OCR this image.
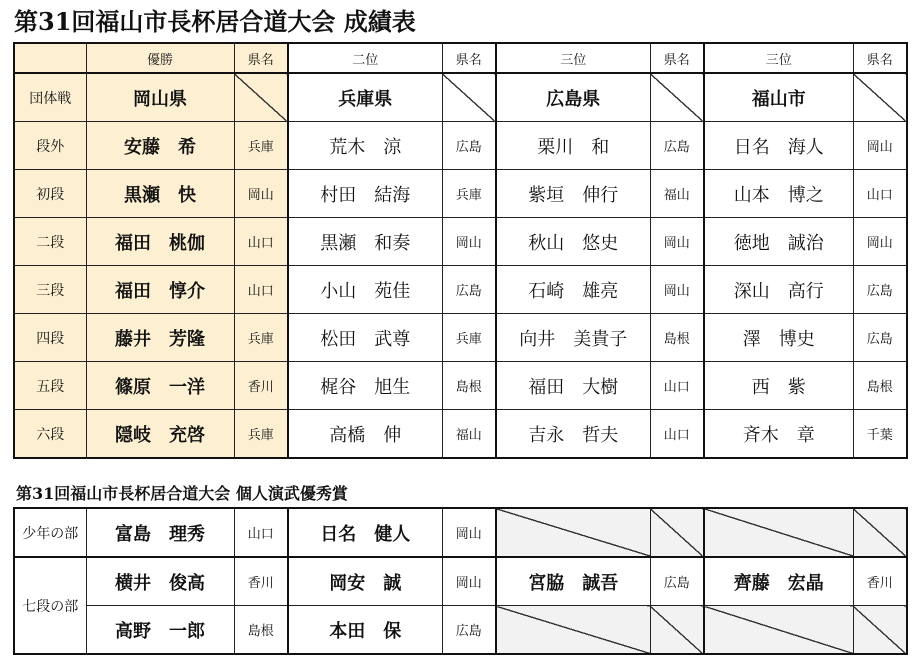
第31回福山市長杯居合道大会 成績表
	優勝	県名	二位	県名	三位	県名	三位	県名
団体戦	岡山県		兵庫県		広島県		福山市	
段外	安藤　希	兵庫	荒木　涼	広島	栗川　和	広島	日名　海人	岡山
初段	黒瀬　快	岡山	村田　結海	兵庫	紫垣　伸行	福山	山本　博之	山口
二段	福田　桃伽	山口	黒瀬　和奏	岡山	秋山　悠史	岡山	徳地　誠治	岡山
三段	福田　惇介	山口	小山　苑佳	広島	石崎　雄亮	岡山	深山　高行	広島
四段	藤井　芳隆	兵庫	松田　武尊	兵庫	向井　美貴子	島根	澤　博史	広島
五段	篠原　一洋	香川	梶谷　旭生	島根	福田　大樹	山口	西　紫	島根
六段	隠岐　充啓	兵庫	高橋　伸	福山	吉永　哲夫	山口	斉木　章	千葉
第31回福山市長杯居合道大会 個人演武優秀賞
少年の部	富島　理秀	山口	日名　健人	岡山				
七段の部	横井　俊高	香川	岡安　誠	岡山	宮脇　誠吾	広島	齊藤　宏晶	香川
	高野　一郎	島根	本田　保	広島				
